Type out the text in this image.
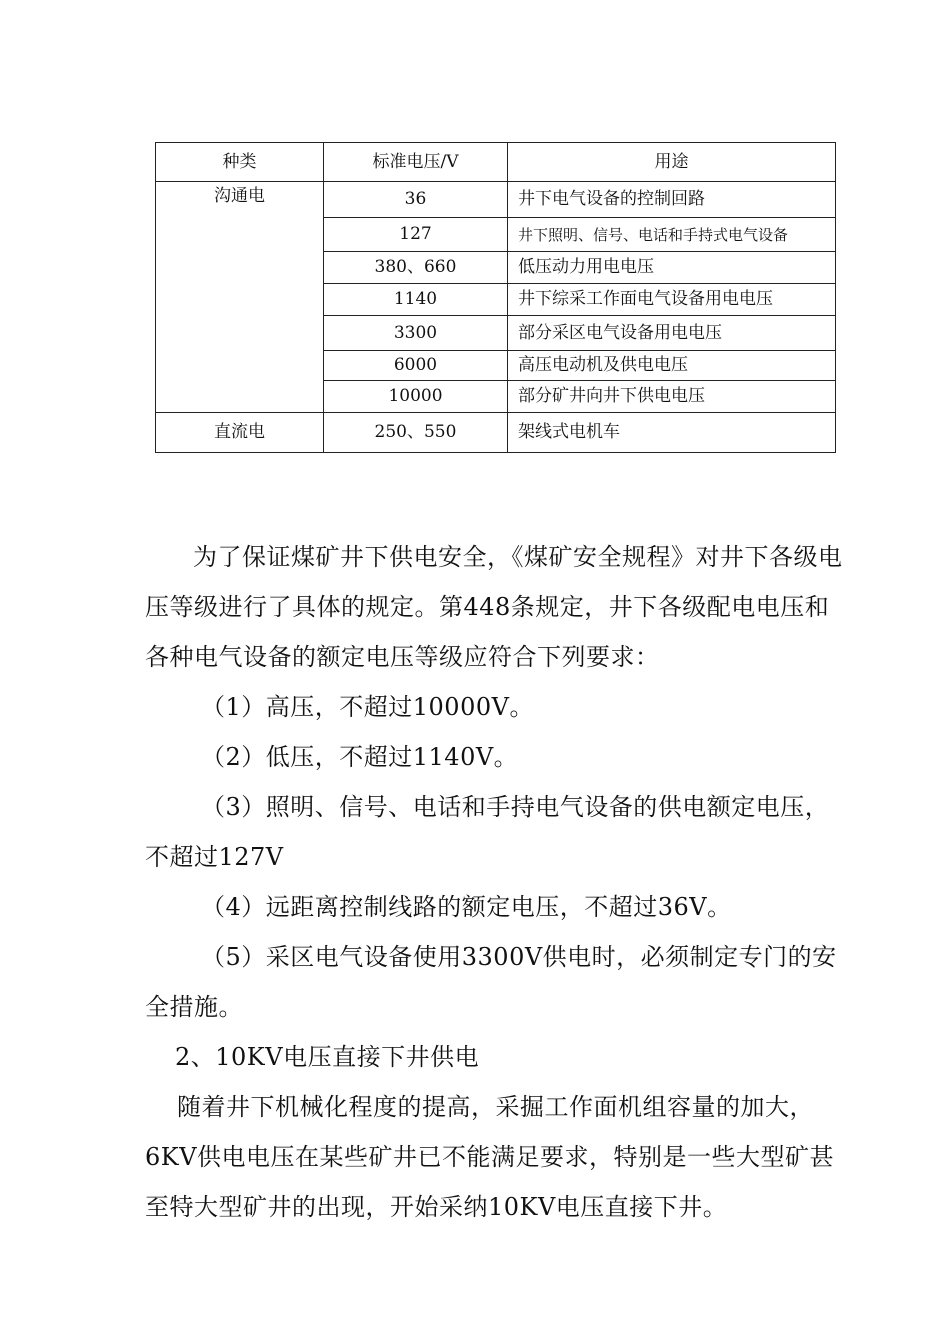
种类	标准电压/V	用途
沟通电	36	井下电气设备的控制回路
	127	井下照明、信号、电话和手持式电气设备
	380、660	低压动力用电电压
	1140	井下综采工作面电气设备用电电压
	3300	部分采区电气设备用电电压
	6000	高压电动机及供电电压
	10000	部分矿井向井下供电电压
直流电	250、550	架线式电机车

为了保证煤矿井下供电安全，《煤矿安全规程》对井下各级电压等级进行了具体的规定。第448条规定，井下各级配电电压和各种电气设备的额定电压等级应符合下列要求：

（1）高压，不超过10000V。

（2）低压，不超过1140V。

（3）照明、信号、电话和手持电气设备的供电额定电压，不超过127V

（4）远距离控制线路的额定电压，不超过36V。

（5）采区电气设备使用3300V供电时，必须制定专门的安全措施。

2、10KV电压直接下井供电

随着井下机械化程度的提高，采掘工作面机组容量的加大，6KV供电电压在某些矿井已不能满足要求，特别是一些大型矿甚至特大型矿井的出现，开始采纳10KV电压直接下井。
